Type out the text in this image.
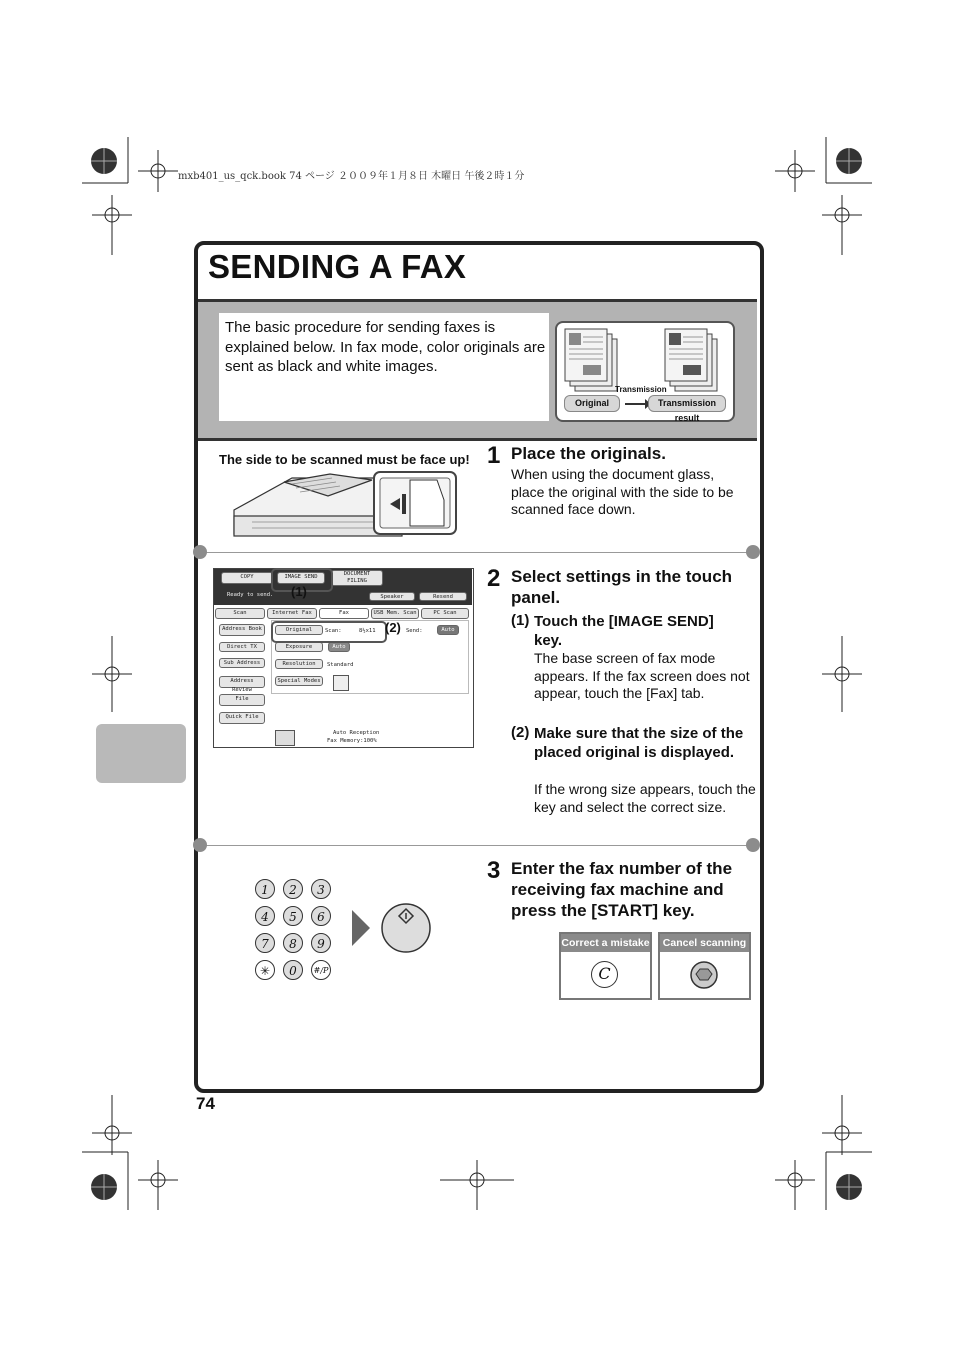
mxb401_us_qck.book 74 ページ ２００９年１月８日 木曜日 午後２時１分
SENDING A FAX
The basic procedure for sending faxes is explained below. In fax mode, color originals are sent as black and white images.
Transmission
Original	Transmission result
The side to be scanned must be face up! 1 Place the originals.
When using the document glass, place the original with the side to be scanned face down.
COPY	IMAGE SEND	DOCUMENT
FILING
Ready to send.	Speaker	Resend
Scan	Internet Fax	Fax	USB Mem. Scan	PC Scan
Address Book
Direct TX
Sub Address
Address Review
File
Quick File
Original	Scan:	8½x11	Send:	Auto
Exposure	Auto
Resolution	Standard
Special Modes
Auto Reception
Fax Memory:100%
(1)
(2)
2 Select settings in the touch panel.
(1) Touch the [IMAGE SEND] key.
The base screen of fax mode appears. If the fax screen does not appear, touch the [Fax] tab.
(2) Make sure that the size of the placed original is displayed.
If the wrong size appears, touch the key and select the correct size.
1	2	3
4	5	6
7	8	9
✳	0	#/P
3 Enter the fax number of the receiving fax machine and press the [START] key.
Correct a mistake
C
Cancel scanning
74
